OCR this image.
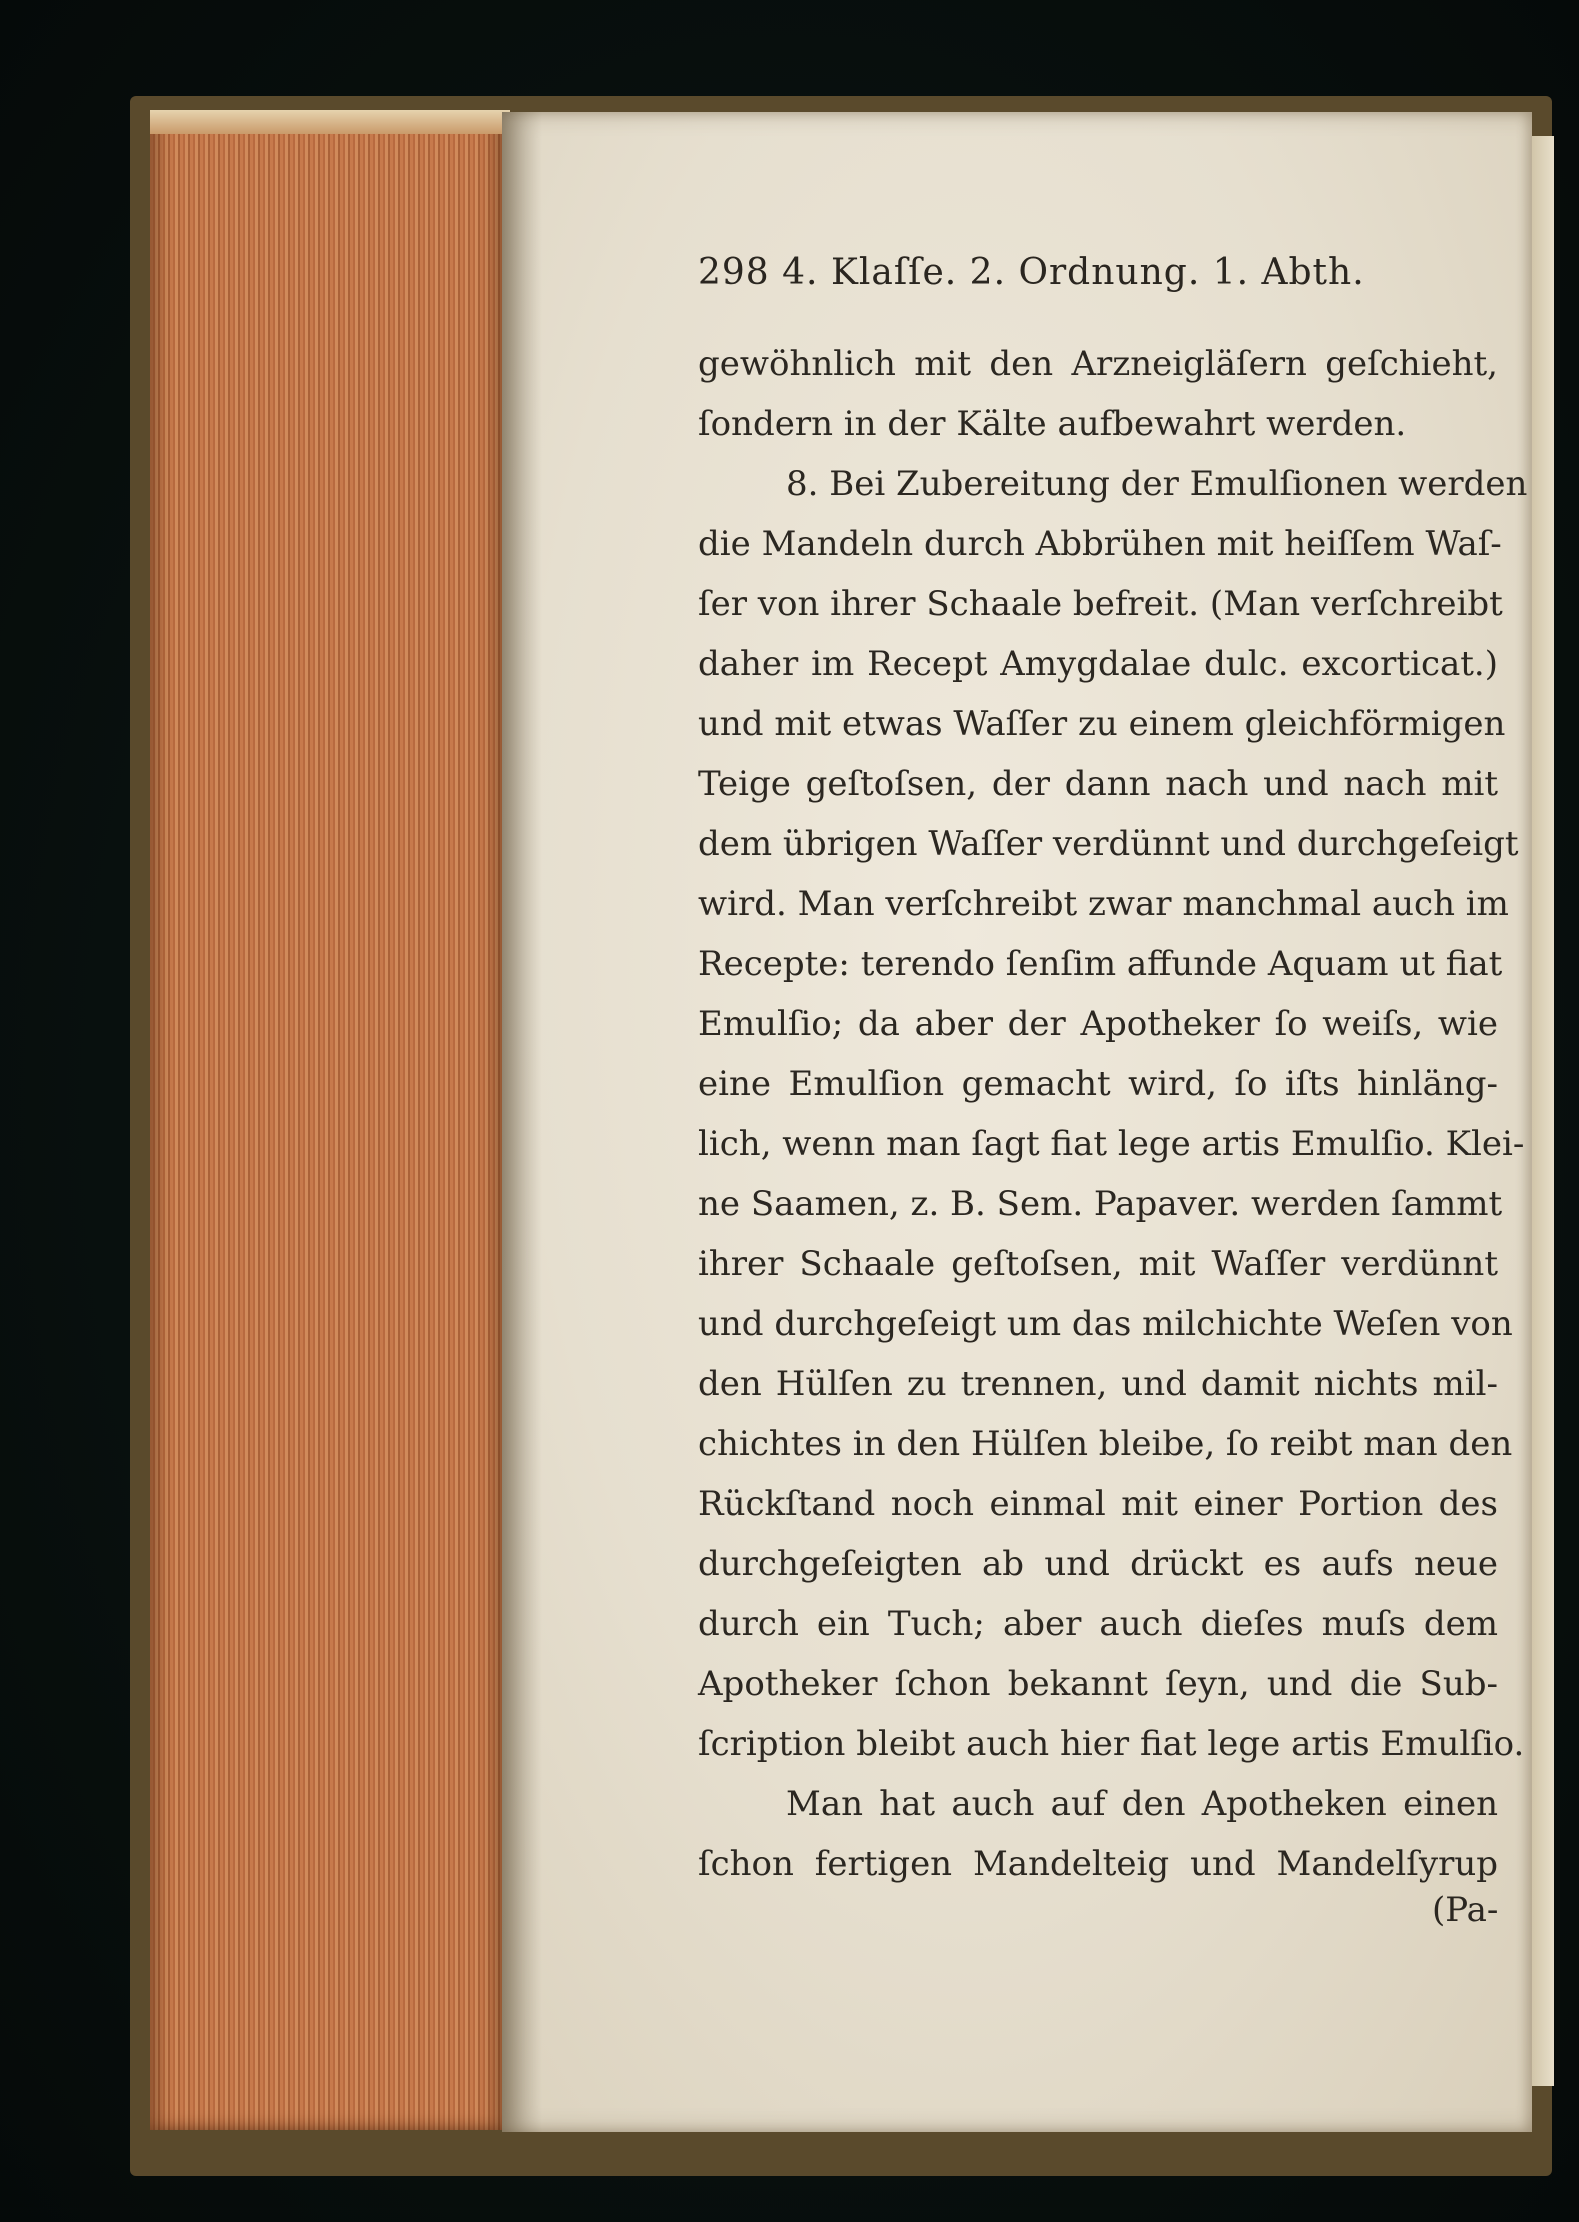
298 4. Klaſſe. 2. Ordnung. 1. Abth.
gewöhnlich mit den Arzneigläſern geſchieht,
ſondern in der Kälte aufbewahrt werden.
8. Bei Zubereitung der Emulſionen werden
die Mandeln durch Abbrühen mit heiſſem Waſ-
ſer von ihrer Schaale befreit. (Man verſchreibt
daher im Recept Amygdalae dulc. excorticat.)
und mit etwas Waſſer zu einem gleichförmigen
Teige geſtoſsen, der dann nach und nach mit
dem übrigen Waſſer verdünnt und durchgeſeigt
wird. Man verſchreibt zwar manchmal auch im
Recepte: terendo ſenſim affunde Aquam ut fiat
Emulſio; da aber der Apotheker ſo weiſs, wie
eine Emulſion gemacht wird, ſo iſts hinläng-
lich, wenn man ſagt fiat lege artis Emulſio. Klei-
ne Saamen, z. B. Sem. Papaver. werden ſammt
ihrer Schaale geſtoſsen, mit Waſſer verdünnt
und durchgeſeigt um das milchichte Weſen von
den Hülſen zu trennen, und damit nichts mil-
chichtes in den Hülſen bleibe, ſo reibt man den
Rückſtand noch einmal mit einer Portion des
durchgeſeigten ab und drückt es aufs neue
durch ein Tuch; aber auch dieſes muſs dem
Apotheker ſchon bekannt ſeyn, und die Sub-
ſcription bleibt auch hier fiat lege artis Emulſio.
Man hat auch auf den Apotheken einen
ſchon fertigen Mandelteig und Mandelſyrup
(Pa-
